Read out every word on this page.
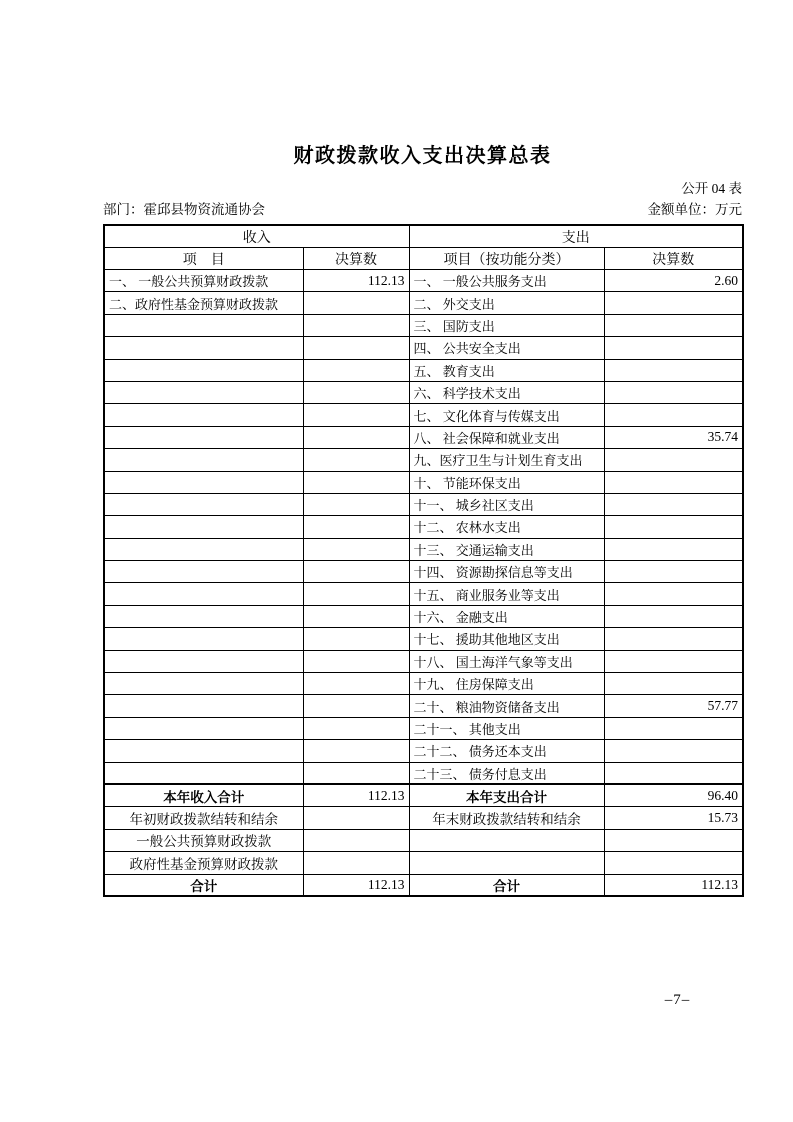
财政拨款收入支出决算总表
公开 04 表
部门：霍邱县物资流通协会	金额单位：万元
收入		支出	
项　目	决算数	项目（按功能分类）	决算数
一、 一般公共预算财政拨款	112.13	一、 一般公共服务支出	2.60
二、政府性基金预算财政拨款		二、 外交支出	
		三、 国防支出	
		四、 公共安全支出	
		五、 教育支出	
		六、 科学技术支出	
		七、 文化体育与传媒支出	
		八、 社会保障和就业支出	35.74
		九、医疗卫生与计划生育支出	
		十、 节能环保支出	
		十一、 城乡社区支出	
		十二、 农林水支出	
		十三、 交通运输支出	
		十四、 资源勘探信息等支出	
		十五、 商业服务业等支出	
		十六、 金融支出	
		十七、 援助其他地区支出	
		十八、 国土海洋气象等支出	
		十九、 住房保障支出	
		二十、 粮油物资储备支出	57.77
		二十一、 其他支出	
		二十二、 债务还本支出	
		二十三、 债务付息支出	
本年收入合计	112.13	本年支出合计	96.40
年初财政拨款结转和结余		年末财政拨款结转和结余	15.73
一般公共预算财政拨款			
政府性基金预算财政拨款			
合计	112.13	合计	112.13
–7–
